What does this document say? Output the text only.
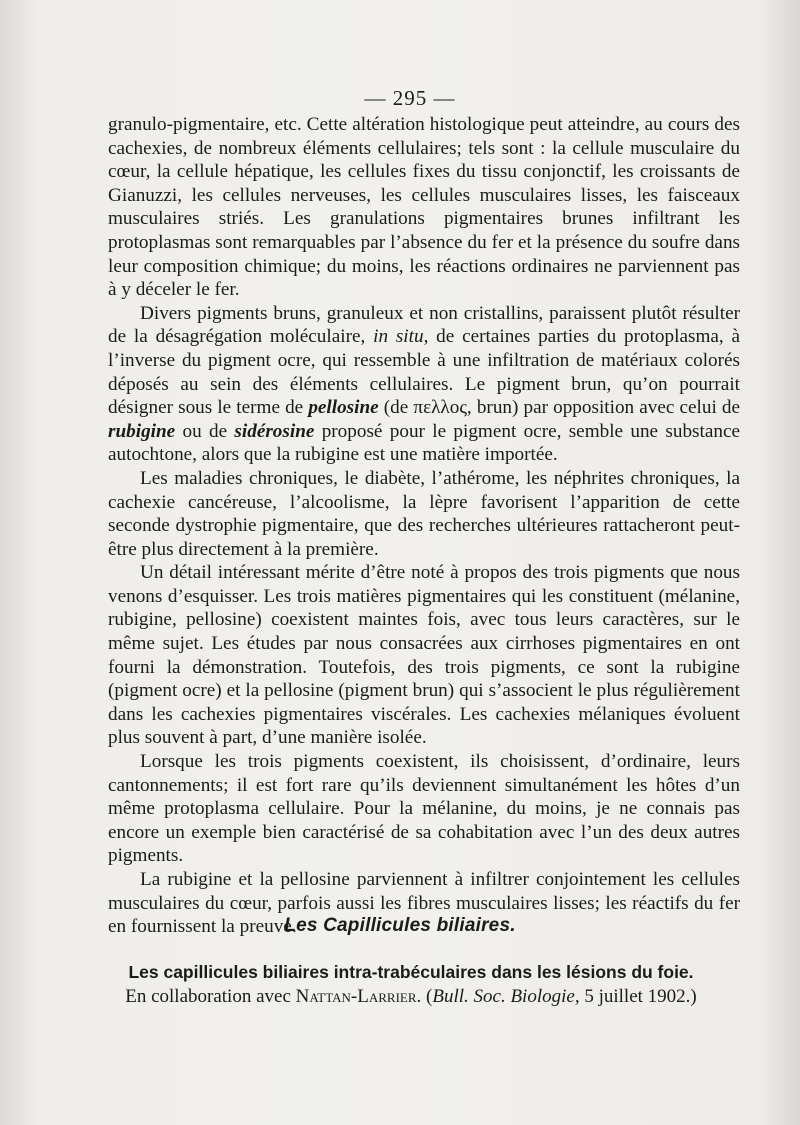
— 295 —

granulo-pigmentaire, etc. Cette altération histologique peut atteindre, au cours des cachexies, de nombreux éléments cellulaires; tels sont : la cellule musculaire du cœur, la cellule hépatique, les cellules fixes du tissu conjonctif, les croissants de Gianuzzi, les cellules nerveuses, les cellules musculaires lisses, les faisceaux musculaires striés. Les granulations pigmentaires brunes infiltrant les protoplasmas sont remarquables par l’absence du fer et la présence du soufre dans leur composition chimique; du moins, les réactions ordinaires ne parviennent pas à y déceler le fer.

Divers pigments bruns, granuleux et non cristallins, paraissent plutôt résulter de la désagrégation moléculaire, in situ, de certaines parties du protoplasma, à l’inverse du pigment ocre, qui ressemble à une infiltration de matériaux colorés déposés au sein des éléments cellulaires. Le pigment brun, qu’on pourrait désigner sous le terme de pellosine (de πελλος, brun) par opposition avec celui de rubigine ou de sidérosine proposé pour le pigment ocre, semble une substance autochtone, alors que la rubigine est une matière importée.

Les maladies chroniques, le diabète, l’athérome, les néphrites chroniques, la cachexie cancéreuse, l’alcoolisme, la lèpre favorisent l’apparition de cette seconde dystrophie pigmentaire, que des recherches ultérieures rattacheront peut-être plus directement à la première.

Un détail intéressant mérite d’être noté à propos des trois pigments que nous venons d’esquisser. Les trois matières pigmentaires qui les constituent (mélanine, rubigine, pellosine) coexistent maintes fois, avec tous leurs caractères, sur le même sujet. Les études par nous consacrées aux cirrhoses pigmentaires en ont fourni la démonstration. Toutefois, des trois pigments, ce sont la rubigine (pigment ocre) et la pellosine (pigment brun) qui s’associent le plus régulièrement dans les cachexies pigmentaires viscérales. Les cachexies mélaniques évoluent plus souvent à part, d’une manière isolée.

Lorsque les trois pigments coexistent, ils choisissent, d’ordinaire, leurs cantonnements; il est fort rare qu’ils deviennent simultanément les hôtes d’un même protoplasma cellulaire. Pour la mélanine, du moins, je ne connais pas encore un exemple bien caractérisé de sa cohabitation avec l’un des deux autres pigments.

La rubigine et la pellosine parviennent à infiltrer conjointement les cellules musculaires du cœur, parfois aussi les fibres musculaires lisses; les réactifs du fer en fournissent la preuve.

Les Capillicules biliaires.
Les capillicules biliaires intra-trabéculaires dans les lésions du foie.
En collaboration avec Nattan-Larrier. (Bull. Soc. Biologie, 5 juillet 1902.)
